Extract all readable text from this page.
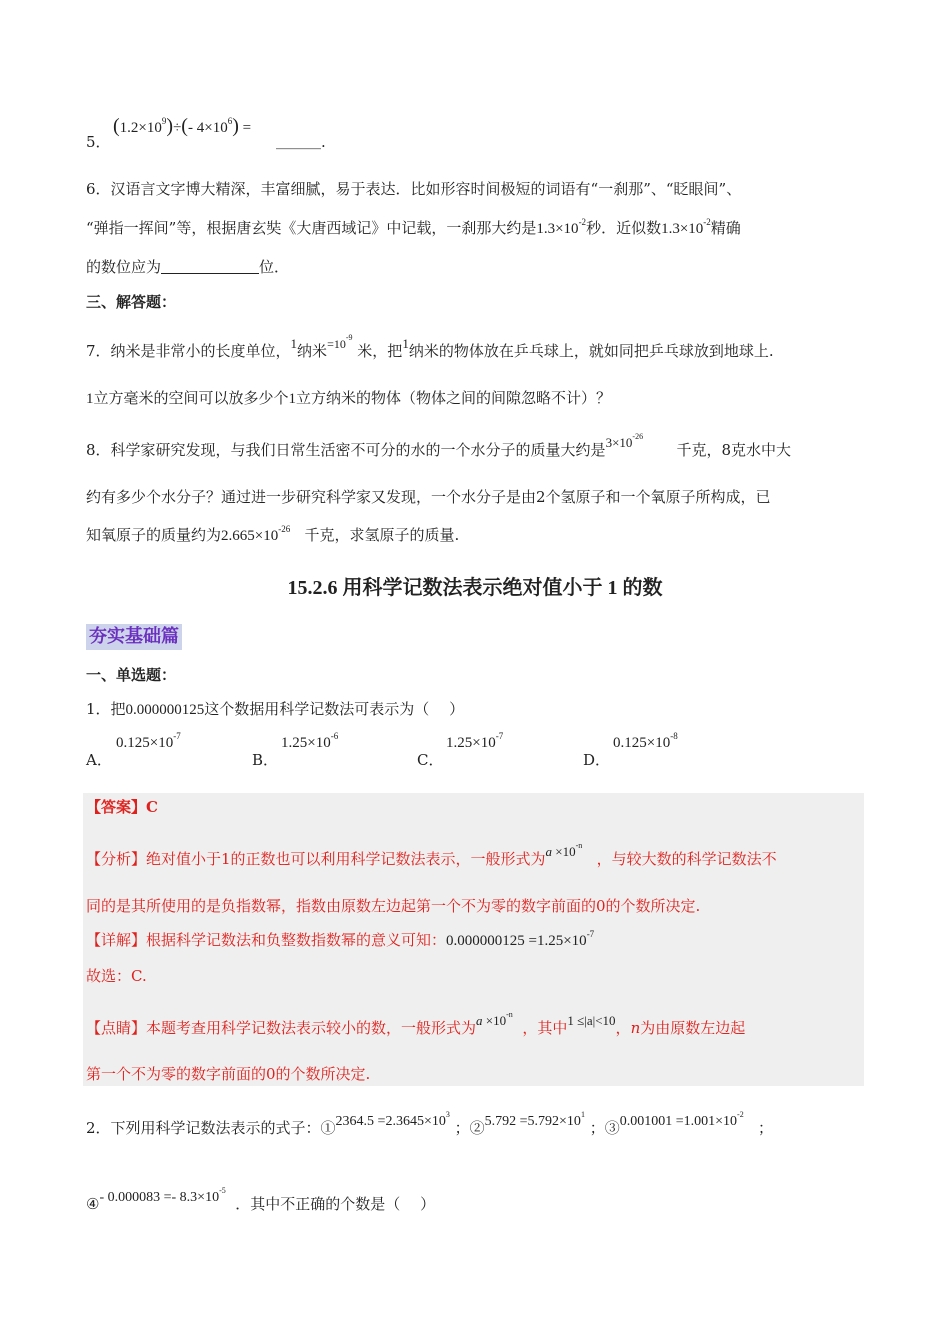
5．
$(1.2\times 10^9)\div(-$ $4\times 10^6$) =
＿＿＿.
6．汉语言文字博大精深，丰富细腻，易于表达．比如形容时间极短的词语有“一刹那”、“眨眼间”、
“弹指一挥间”等，根据唐玄奘《大唐西域记》中记载，一刹那大约是$1.3\times 10^{-2}$秒．近似数$1.3\times 10^{-2}$精确
的数位应为	位．
三、解答题：
7．纳米是非常小的长度单位，$^1$纳米$^{=10^{-9}}$ 米，把$^1$纳米的物体放在乒乓球上，就如同把乒乓球放到地球上.
1立方毫米的空间可以放多少个1立方纳米的物体（物体之间的间隙忽略不计）？
8．科学家研究发现，与我们日常生活密不可分的水的一个水分子的质量大约是$^{3\times 10^{-26}}$       千克，8克水中大
约有多少个水分子？通过进一步研究科学家又发现，一个水分子是由2个氢原子和一个氧原子所构成，已
知氧原子的质量约为$2.665\times 10^{-26}$ 千克，求氢原子的质量.
15.2.6 用科学记数法表示绝对值小于 1 的数
夯实基础篇
一、单选题：
1．把0.000000125这个数据用科学记数法可表示为（　 ）
A．
$0.125\times 10^{-7}$
B．
$1.25\times 10^{-6}$
C．
$1.25\times 10^{-7}$
D．
$0.125\times 10^{-8}$
【答案】C
【分析】绝对值小于1的正数也可以利用科学记数法表示，一般形式为$^{a \times 10^{-n}}$   ，与较大数的科学记数法不
同的是其所使用的是负指数幂，指数由原数左边起第一个不为零的数字前面的0的个数所决定.
【详解】根据科学记数法和负整数指数幂的意义可知：$0.000000125 =1.25\times 10^{-7}$
故选：C.
【点睛】本题考查用科学记数法表示较小的数，一般形式为$^{a \times 10^{-n}}$  ，其中$^{1 \le|a|<10}$，n为由原数左边起
第一个不为零的数字前面的0的个数所决定.
2．下列用科学记数法表示的式子：①$^{2364.5 =2.3645\times 10^3}$ ；②$^{5.792 =5.792\times 10^1}$ ；③$^{0.001001 =1.001\times 10^{-2}}$   ；
④$^{- 0.000083 =- 8.3\times 10^{-5}}$  ．其中不正确的个数是（　 ）
